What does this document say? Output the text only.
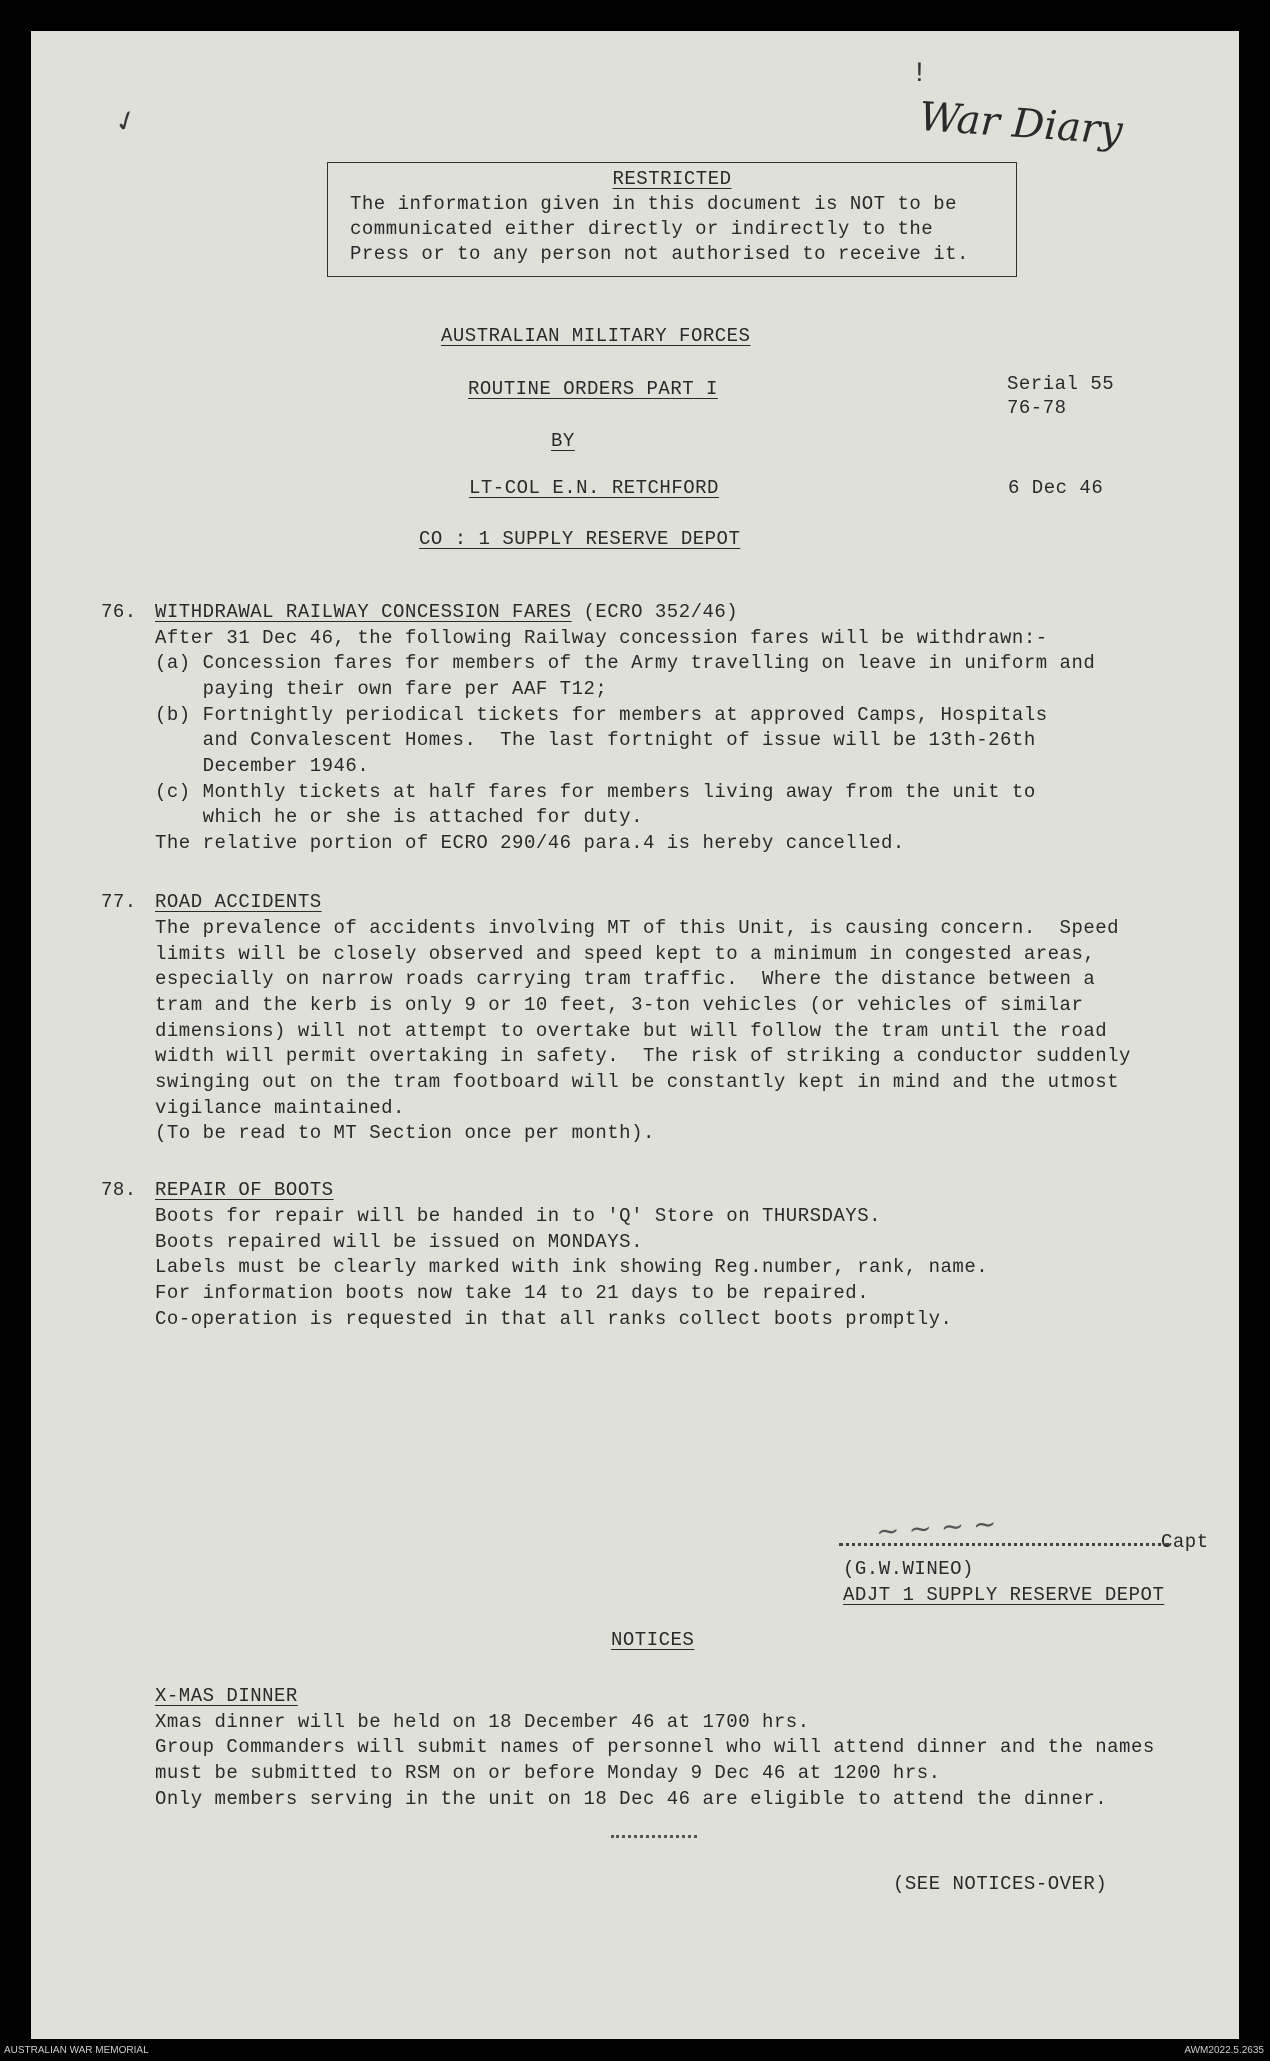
✓
!
War Diary
RESTRICTED
The information given in this document is NOT to be
communicated either directly or indirectly to the
Press or to any person not authorised to receive it.
AUSTRALIAN MILITARY FORCES
ROUTINE ORDERS PART I	Serial 55
76-78
BY
LT-COL E.N. RETCHFORD	6 Dec 46
CO : 1 SUPPLY RESERVE DEPOT
76. WITHDRAWAL RAILWAY CONCESSION FARES (ECRO 352/46)
After 31 Dec 46, the following Railway concession fares will be withdrawn:-
(a) Concession fares for members of the Army travelling on leave in uniform and
paying their own fare per AAF T12;
(b) Fortnightly periodical tickets for members at approved Camps, Hospitals
and Convalescent Homes.  The last fortnight of issue will be 13th-26th
December 1946.
(c) Monthly tickets at half fares for members living away from the unit to
which he or she is attached for duty.
The relative portion of ECRO 290/46 para.4 is hereby cancelled.
77. ROAD ACCIDENTS
The prevalence of accidents involving MT of this Unit, is causing concern.  Speed
limits will be closely observed and speed kept to a minimum in congested areas,
especially on narrow roads carrying tram traffic.  Where the distance between a
tram and the kerb is only 9 or 10 feet, 3-ton vehicles (or vehicles of similar
dimensions) will not attempt to overtake but will follow the tram until the road
width will permit overtaking in safety.  The risk of striking a conductor suddenly
swinging out on the tram footboard will be constantly kept in mind and the utmost
vigilance maintained.
(To be read to MT Section once per month).
78. REPAIR OF BOOTS
Boots for repair will be handed in to 'Q' Store on THURSDAYS.
Boots repaired will be issued on MONDAYS.
Labels must be clearly marked with ink showing Reg.number, rank, name.
For information boots now take 14 to 21 days to be repaired.
Co-operation is requested in that all ranks collect boots promptly.
~ ~ ~ ~	Capt
(G.W.WINEO)
ADJT 1 SUPPLY RESERVE DEPOT
NOTICES
X-MAS DINNER
Xmas dinner will be held on 18 December 46 at 1700 hrs.
Group Commanders will submit names of personnel who will attend dinner and the names
must be submitted to RSM on or before Monday 9 Dec 46 at 1200 hrs.
Only members serving in the unit on 18 Dec 46 are eligible to attend the dinner.
(SEE NOTICES-OVER)
AUSTRALIAN WAR MEMORIAL	AWM2022.5.2635
